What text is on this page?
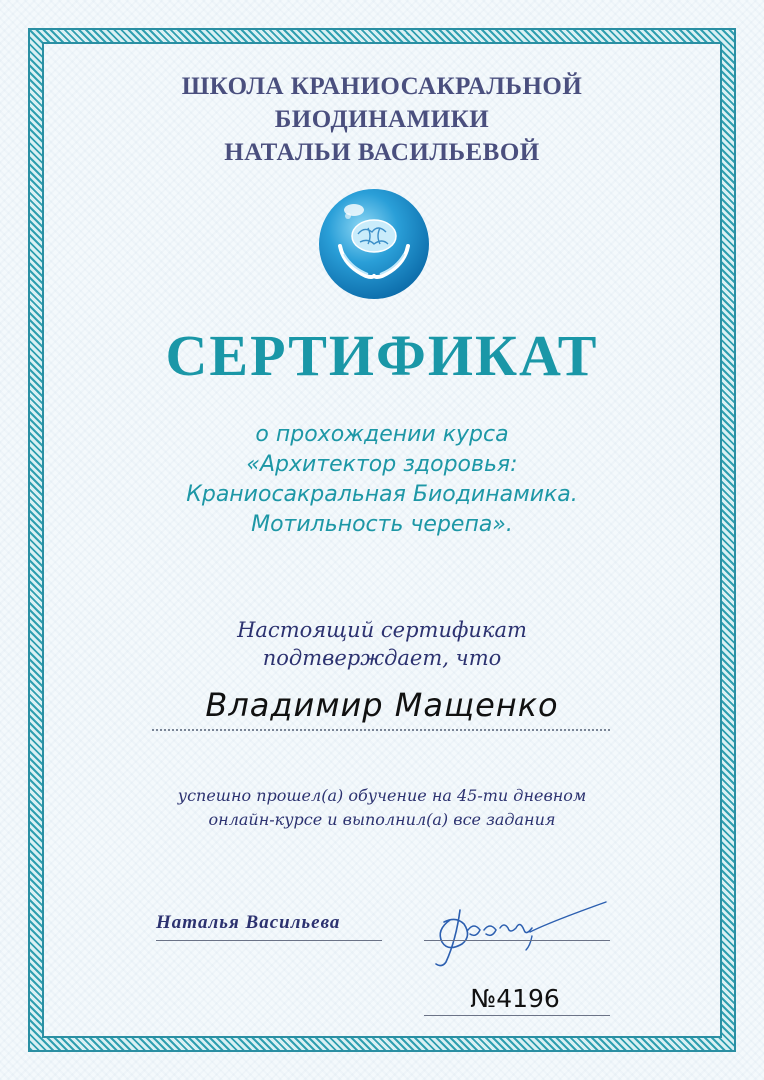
ШКОЛА КРАНИОСАКРАЛЬНОЙ
БИОДИНАМИКИ
НАТАЛЬИ ВАСИЛЬЕВОЙ
СЕРТИФИКАТ
о прохождении курса
«Архитектор здоровья:
Краниосакральная Биодинамика.
Мотильность черепа».
Настоящий сертификат
подтверждает, что
Владимир Мащенко
успешно прошел(а) обучение на 45-ти дневном
онлайн-курсе и выполнил(а) все задания
Наталья Васильева
№4196
